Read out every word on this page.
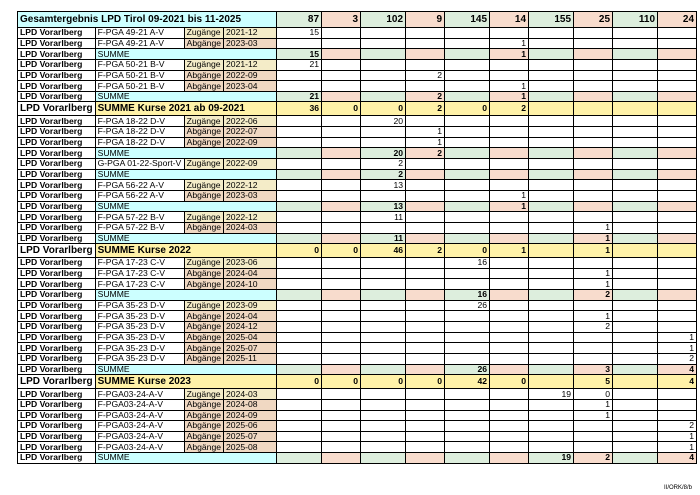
Gesamtergebnis LPD Tirol 09-2021 bis 11-2025				87	3	102	9	145	14	155	25	110	24
LPD Vorarlberg	F-PGA 49-21 A-V	Zugänge	2021-12	15									
LPD Vorarlberg	F-PGA 49-21 A-V	Abgänge	2023-03						1				
LPD Vorarlberg	SUMME			15					1				
LPD Vorarlberg	F-PGA 50-21 B-V	Zugänge	2021-12	21									
LPD Vorarlberg	F-PGA 50-21 B-V	Abgänge	2022-09				2						
LPD Vorarlberg	F-PGA 50-21 B-V	Abgänge	2023-04						1				
LPD Vorarlberg	SUMME			21			2		1				
LPD Vorarlberg	SUMME Kurse 2021 ab 09-2021			36	0	0	2	0	2				
LPD Vorarlberg	F-PGA 18-22 D-V	Zugänge	2022-06			20							
LPD Vorarlberg	F-PGA 18-22 D-V	Abgänge	2022-07				1						
LPD Vorarlberg	F-PGA 18-22 D-V	Abgänge	2022-09				1						
LPD Vorarlberg	SUMME					20	2						
LPD Vorarlberg	G-PGA 01-22-Sport-V	Zugänge	2022-09			2							
LPD Vorarlberg	SUMME					2							
LPD Vorarlberg	F-PGA 56-22 A-V	Zugänge	2022-12			13							
LPD Vorarlberg	F-PGA 56-22 A-V	Abgänge	2023-03						1				
LPD Vorarlberg	SUMME					13			1				
LPD Vorarlberg	F-PGA 57-22 B-V	Zugänge	2022-12			11							
LPD Vorarlberg	F-PGA 57-22 B-V	Abgänge	2024-03								1		
LPD Vorarlberg	SUMME					11					1		
LPD Vorarlberg	SUMME Kurse 2022			0	0	46	2	0	1		1		
LPD Vorarlberg	F-PGA 17-23 C-V	Zugänge	2023-06					16					
LPD Vorarlberg	F-PGA 17-23 C-V	Abgänge	2024-04								1		
LPD Vorarlberg	F-PGA 17-23 C-V	Abgänge	2024-10								1		
LPD Vorarlberg	SUMME							16			2		
LPD Vorarlberg	F-PGA 35-23 D-V	Zugänge	2023-09					26					
LPD Vorarlberg	F-PGA 35-23 D-V	Abgänge	2024-04								1		
LPD Vorarlberg	F-PGA 35-23 D-V	Abgänge	2024-12								2		
LPD Vorarlberg	F-PGA 35-23 D-V	Abgänge	2025-04										1
LPD Vorarlberg	F-PGA 35-23 D-V	Abgänge	2025-07										1
LPD Vorarlberg	F-PGA 35-23 D-V	Abgänge	2025-11										2
LPD Vorarlberg	SUMME							26			3		4
LPD Vorarlberg	SUMME Kurse 2023			0	0	0	0	42	0		5		4
LPD Vorarlberg	F-PGA03-24-A-V	Zugänge	2024-03							19	0		
LPD Vorarlberg	F-PGA03-24-A-V	Abgänge	2024-08								1		
LPD Vorarlberg	F-PGA03-24-A-V	Abgänge	2024-09								1		
LPD Vorarlberg	F-PGA03-24-A-V	Abgänge	2025-06										2
LPD Vorarlberg	F-PGA03-24-A-V	Abgänge	2025-07										1
LPD Vorarlberg	F-PGA03-24-A-V	Abgänge	2025-08										1
LPD Vorarlberg	SUMME									19	2		4
II/ORK/8/b
